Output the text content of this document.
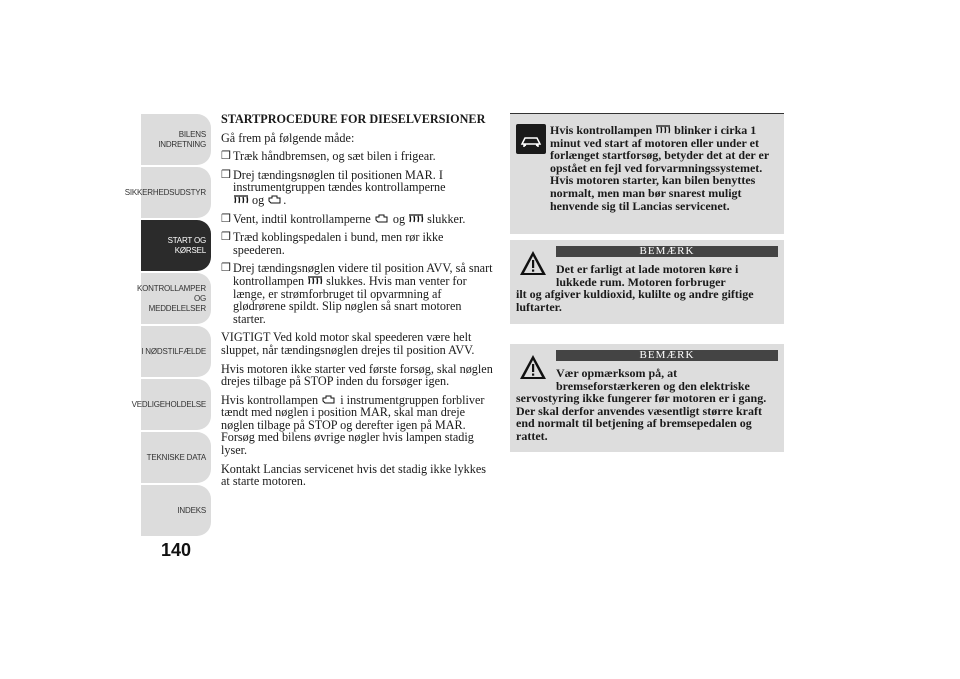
BILENS
INDRETNING
SIKKERHEDSUDSTYR
START OG KØRSEL
KONTROLLAMPER
OG MEDDELELSER
I NØDSTILFÆLDE
VEDLIGEHOLDELSE
TEKNISKE DATA
INDEKS
140
STARTPROCEDURE FOR DIESELVERSIONER
Gå frem på følgende måde:
❒ Træk håndbremsen, og sæt bilen i frigear.
❒ Drej tændingsnøglen til positionen MAR. I instrumentgruppen tændes kontrollamperne
og .
❒ Vent, indtil kontrollamperne og slukker.
❒ Træd koblingspedalen i bund, men rør ikke speederen.
❒ Drej tændingsnøglen videre til position AVV, så snart kontrollampen slukkes. Hvis man venter for længe, er strømforbruget til opvarmning af glødrørene spildt. Slip nøglen så snart motoren starter.
VIGTIGT Ved kold motor skal speederen være helt sluppet, når tændingsnøglen drejes til position AVV.
Hvis motoren ikke starter ved første forsøg, skal nøglen drejes tilbage på STOP inden du forsøger igen.
Hvis kontrollampen i instrumentgruppen forbliver tændt med nøglen i position MAR, skal man dreje nøglen tilbage på STOP og derefter igen på MAR. Forsøg med bilens øvrige nøgler hvis lampen stadig lyser.
Kontakt Lancias servicenet hvis det stadig ikke lykkes at starte motoren.
Hvis kontrollampen blinker i cirka 1 minut ved start af motoren eller under et forlænget startforsøg, betyder det at der er opstået en fejl ved forvarmningssystemet. Hvis motoren starter, kan bilen benyttes normalt, men man bør snarest muligt henvende sig til Lancias servicenet.
BEMÆRK
Det er farligt at lade motoren køre i lukkede rum. Motoren forbruger
ilt og afgiver kuldioxid, kulilte og andre giftige luftarter.
BEMÆRK
Vær opmærksom på, at bremseforstærkeren og den elektriske
servostyring ikke fungerer før motoren er i gang. Der skal derfor anvendes væsentligt større kraft end normalt til betjening af bremsepedalen og rattet.
